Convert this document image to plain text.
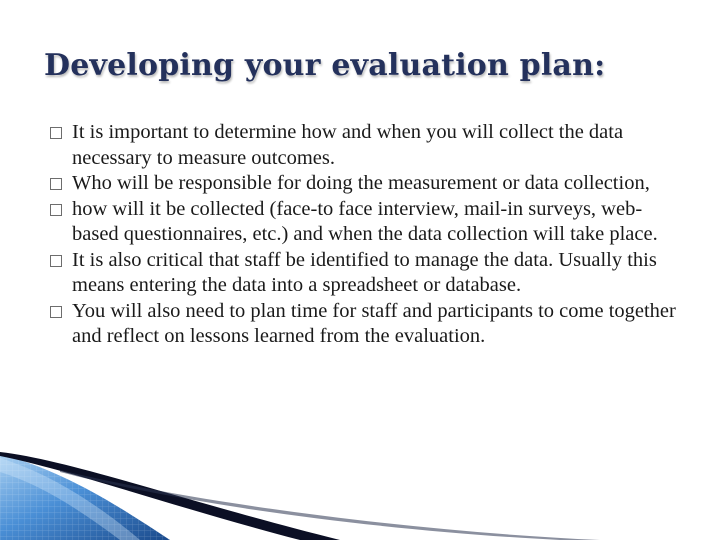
Developing your evaluation plan:
It is important to determine how and when you will collect the data necessary to measure outcomes.
Who will be responsible for doing the measurement or data collection,
how will it be collected (face-to face interview, mail-in surveys, web-based questionnaires, etc.) and when the data collection will take place.
It is also critical that staff be identified to manage the data. Usually this means entering the data into a spreadsheet or database.
You will also need to plan time for staff and participants to come together and reflect on lessons learned from the evaluation.
